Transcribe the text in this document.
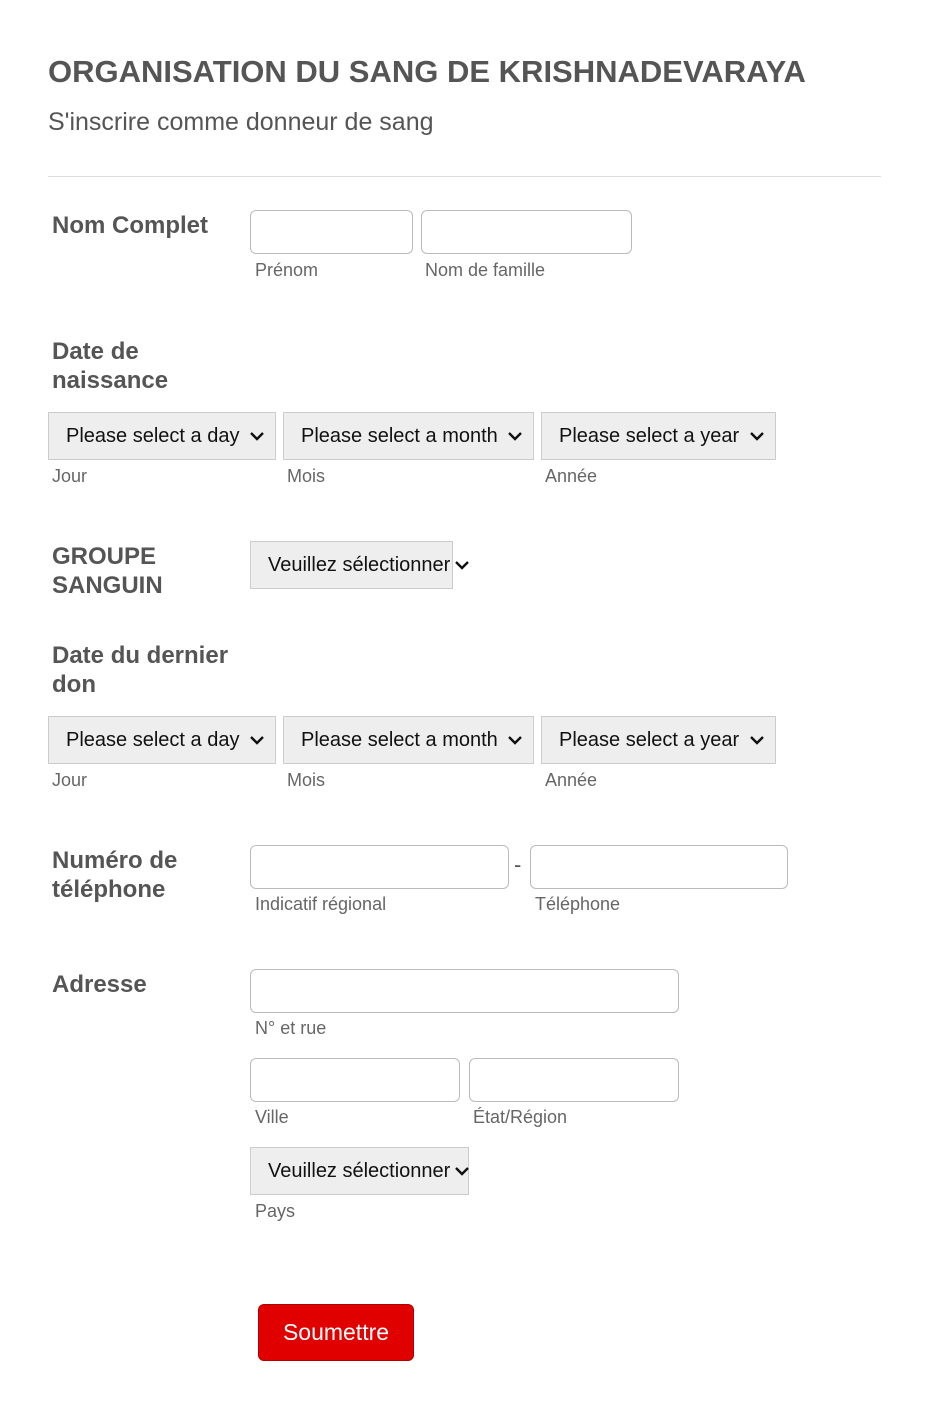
ORGANISATION DU SANG DE KRISHNADEVARAYA
S'inscrire comme donneur de sang
Nom Complet
Prénom	Nom de famille
Date de
naissance
Please select a day	Please select a month	Please select a year
Jour	Mois	Année
GROUPE
SANGUIN
Veuillez sélectionner
Date du dernier
don
Please select a day	Please select a month	Please select a year
Jour	Mois	Année
Numéro de
téléphone
-
Indicatif régional	Téléphone
Adresse
N° et rue
Ville	État/Région
Veuillez sélectionner
Pays
Soumettre
